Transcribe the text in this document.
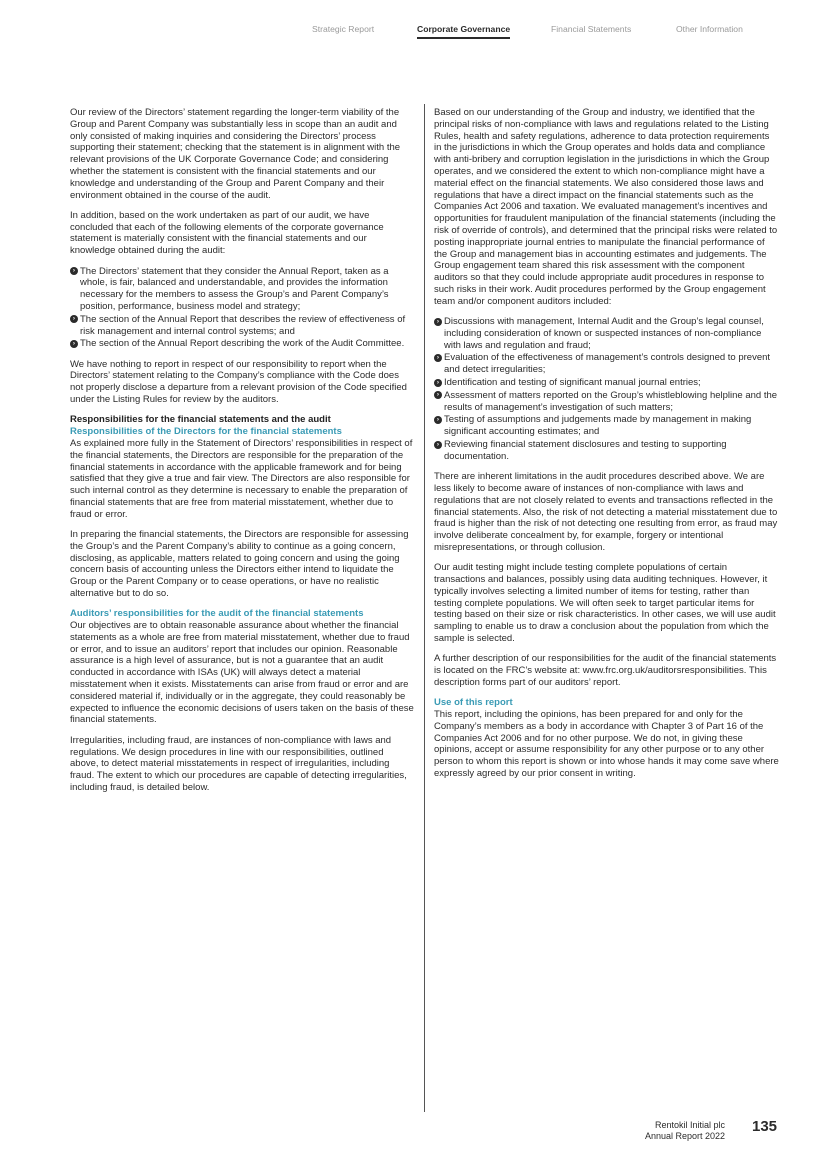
Strategic Report	Corporate Governance	Financial Statements	Other Information

Our review of the Directors’ statement regarding the longer-term viability of the Group and Parent Company was substantially less in scope than an audit and only consisted of making inquiries and considering the Directors’ process supporting their statement; checking that the statement is in alignment with the relevant provisions of the UK Corporate Governance Code; and considering whether the statement is consistent with the financial statements and our knowledge and understanding of the Group and Parent Company and their environment obtained in the course of the audit.

In addition, based on the work undertaken as part of our audit, we have concluded that each of the following elements of the corporate governance statement is materially consistent with the financial statements and our knowledge obtained during the audit:

› The Directors’ statement that they consider the Annual Report, taken as a whole, is fair, balanced and understandable, and provides the information necessary for the members to assess the Group’s and Parent Company’s position, performance, business model and strategy;
› The section of the Annual Report that describes the review of effectiveness of risk management and internal control systems; and
› The section of the Annual Report describing the work of the Audit Committee.

We have nothing to report in respect of our responsibility to report when the Directors’ statement relating to the Company’s compliance with the Code does not properly disclose a departure from a relevant provision of the Code specified under the Listing Rules for review by the auditors.

Responsibilities for the financial statements and the audit
Responsibilities of the Directors for the financial statements

As explained more fully in the Statement of Directors’ responsibilities in respect of the financial statements, the Directors are responsible for the preparation of the financial statements in accordance with the applicable framework and for being satisfied that they give a true and fair view. The Directors are also responsible for such internal control as they determine is necessary to enable the preparation of financial statements that are free from material misstatement, whether due to fraud or error.

In preparing the financial statements, the Directors are responsible for assessing the Group’s and the Parent Company’s ability to continue as a going concern, disclosing, as applicable, matters related to going concern and using the going concern basis of accounting unless the Directors either intend to liquidate the Group or the Parent Company or to cease operations, or have no realistic alternative but to do so.

Auditors’ responsibilities for the audit of the financial statements

Our objectives are to obtain reasonable assurance about whether the financial statements as a whole are free from material misstatement, whether due to fraud or error, and to issue an auditors’ report that includes our opinion. Reasonable assurance is a high level of assurance, but is not a guarantee that an audit conducted in accordance with ISAs (UK) will always detect a material misstatement when it exists. Misstatements can arise from fraud or error and are considered material if, individually or in the aggregate, they could reasonably be expected to influence the economic decisions of users taken on the basis of these financial statements.

Irregularities, including fraud, are instances of non-compliance with laws and regulations. We design procedures in line with our responsibilities, outlined above, to detect material misstatements in respect of irregularities, including fraud. The extent to which our procedures are capable of detecting irregularities, including fraud, is detailed below.

Based on our understanding of the Group and industry, we identified that the principal risks of non-compliance with laws and regulations related to the Listing Rules, health and safety regulations, adherence to data protection requirements in the jurisdictions in which the Group operates and holds data and compliance with anti-bribery and corruption legislation in the jurisdictions in which the Group operates, and we considered the extent to which non-compliance might have a material effect on the financial statements. We also considered those laws and regulations that have a direct impact on the financial statements such as the Companies Act 2006 and taxation. We evaluated management’s incentives and opportunities for fraudulent manipulation of the financial statements (including the risk of override of controls), and determined that the principal risks were related to posting inappropriate journal entries to manipulate the financial performance of the Group and management bias in accounting estimates and judgements. The Group engagement team shared this risk assessment with the component auditors so that they could include appropriate audit procedures in response to such risks in their work. Audit procedures performed by the Group engagement team and/or component auditors included:

› Discussions with management, Internal Audit and the Group’s legal counsel, including consideration of known or suspected instances of non-compliance with laws and regulation and fraud;
› Evaluation of the effectiveness of management’s controls designed to prevent and detect irregularities;
› Identification and testing of significant manual journal entries;
› Assessment of matters reported on the Group’s whistleblowing helpline and the results of management’s investigation of such matters;
› Testing of assumptions and judgements made by management in making significant accounting estimates; and
› Reviewing financial statement disclosures and testing to supporting documentation.

There are inherent limitations in the audit procedures described above. We are less likely to become aware of instances of non-compliance with laws and regulations that are not closely related to events and transactions reflected in the financial statements. Also, the risk of not detecting a material misstatement due to fraud is higher than the risk of not detecting one resulting from error, as fraud may involve deliberate concealment by, for example, forgery or intentional misrepresentations, or through collusion.

Our audit testing might include testing complete populations of certain transactions and balances, possibly using data auditing techniques. However, it typically involves selecting a limited number of items for testing, rather than testing complete populations. We will often seek to target particular items for testing based on their size or risk characteristics. In other cases, we will use audit sampling to enable us to draw a conclusion about the population from which the sample is selected.

A further description of our responsibilities for the audit of the financial statements is located on the FRC’s website at: www.frc.org.uk/auditorsresponsibilities. This description forms part of our auditors’ report.

Use of this report

This report, including the opinions, has been prepared for and only for the Company’s members as a body in accordance with Chapter 3 of Part 16 of the Companies Act 2006 and for no other purpose. We do not, in giving these opinions, accept or assume responsibility for any other purpose or to any other person to whom this report is shown or into whose hands it may come save where expressly agreed by our prior consent in writing.

Rentokil Initial plc
Annual Report 2022
135
